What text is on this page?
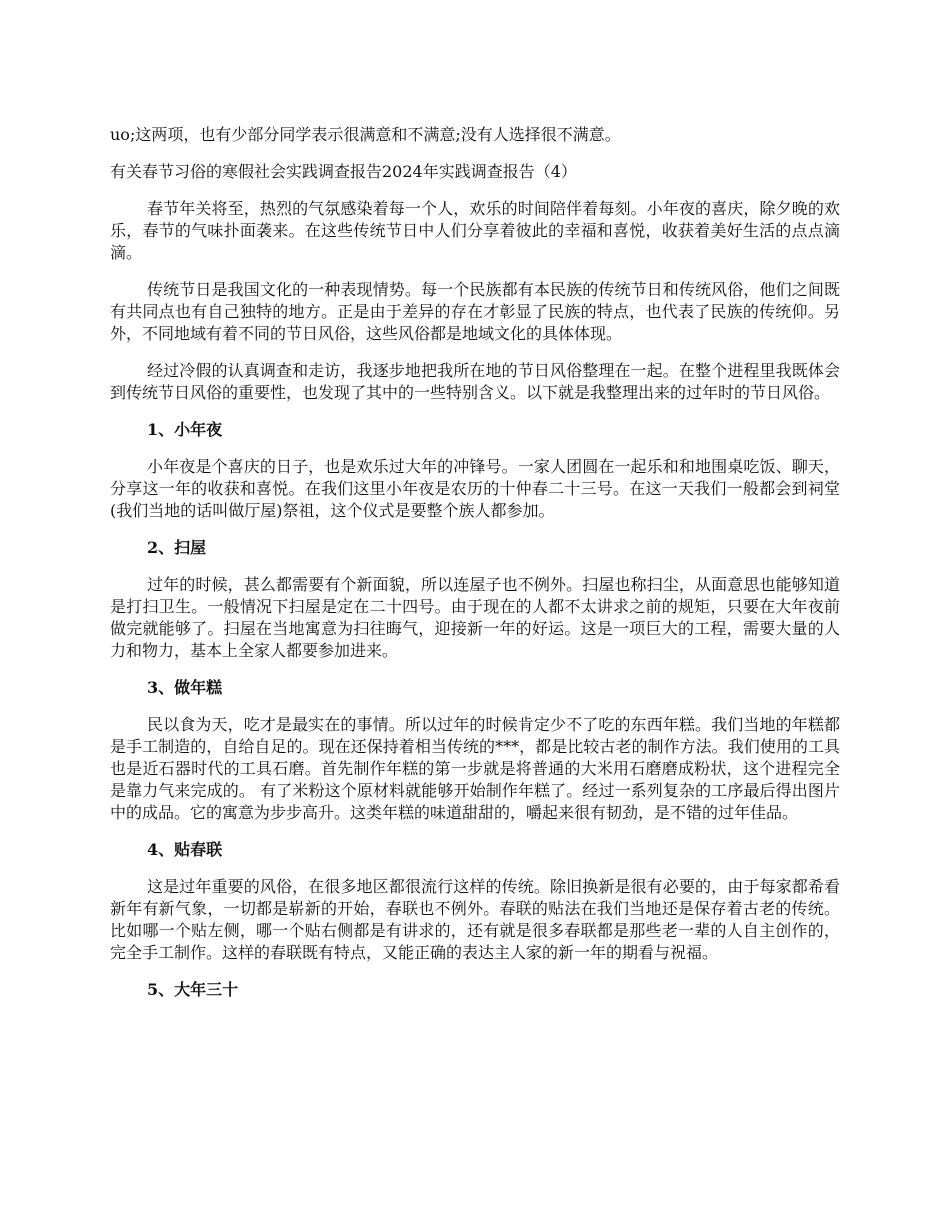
uo;这两项，也有少部分同学表示很满意和不满意;没有人选择很不满意。

有关春节习俗的寒假社会实践调查报告2024年实践调查报告（4）

春节年关将至，热烈的气氛感染着每一个人，欢乐的时间陪伴着每刻。小年夜的喜庆，除夕晚的欢乐，春节的气味扑面袭来。在这些传统节日中人们分享着彼此的幸福和喜悦，收获着美好生活的点点滴滴。

传统节日是我国文化的一种表现情势。每一个民族都有本民族的传统节日和传统风俗，他们之间既有共同点也有自己独特的地方。正是由于差异的存在才彰显了民族的特点，也代表了民族的传统仰。另外，不同地域有着不同的节日风俗，这些风俗都是地域文化的具体体现。

经过冷假的认真调查和走访，我逐步地把我所在地的节日风俗整理在一起。在整个进程里我既体会到传统节日风俗的重要性，也发现了其中的一些特别含义。以下就是我整理出来的过年时的节日风俗。

1、小年夜

小年夜是个喜庆的日子，也是欢乐过大年的冲锋号。一家人团圆在一起乐和和地围桌吃饭、聊天，分享这一年的收获和喜悦。在我们这里小年夜是农历的十仲春二十三号。在这一天我们一般都会到祠堂(我们当地的话叫做厅屋)祭祖，这个仪式是要整个族人都参加。

2、扫屋

过年的时候，甚么都需要有个新面貌，所以连屋子也不例外。扫屋也称扫尘，从面意思也能够知道是打扫卫生。一般情况下扫屋是定在二十四号。由于现在的人都不太讲求之前的规矩，只要在大年夜前做完就能够了。扫屋在当地寓意为扫往晦气，迎接新一年的好运。这是一项巨大的工程，需要大量的人力和物力，基本上全家人都要参加进来。

3、做年糕

民以食为天，吃才是最实在的事情。所以过年的时候肯定少不了吃的东西年糕。我们当地的年糕都是手工制造的，自给自足的。现在还保持着相当传统的***，都是比较古老的制作方法。我们使用的工具也是近石器时代的工具石磨。首先制作年糕的第一步就是将普通的大米用石磨磨成粉状，这个进程完全是靠力气来完成的。 有了米粉这个原材料就能够开始制作年糕了。经过一系列复杂的工序最后得出图片中的成品。它的寓意为步步高升。这类年糕的味道甜甜的，嚼起来很有韧劲，是不错的过年佳品。

4、贴春联

这是过年重要的风俗，在很多地区都很流行这样的传统。除旧换新是很有必要的，由于每家都希看新年有新气象，一切都是崭新的开始，春联也不例外。春联的贴法在我们当地还是保存着古老的传统。比如哪一个贴左侧，哪一个贴右侧都是有讲求的，还有就是很多春联都是那些老一辈的人自主创作的，完全手工制作。这样的春联既有特点，又能正确的表达主人家的新一年的期看与祝福。

5、大年三十
